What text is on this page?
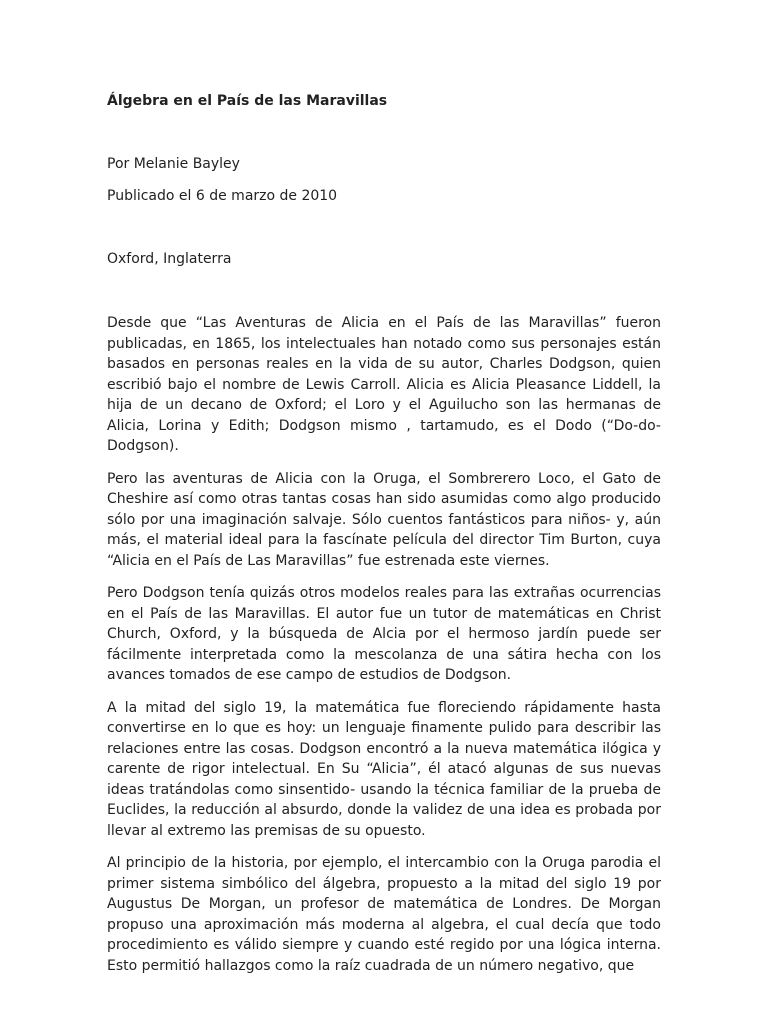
Álgebra en el País de las Maravillas

Por Melanie Bayley

Publicado el 6 de marzo de 2010

Oxford, Inglaterra

Desde que “Las Aventuras de Alicia en el País de las Maravillas” fueron publicadas, en 1865, los intelectuales han notado como sus personajes están basados en personas reales en la vida de su autor, Charles Dodgson, quien escribió bajo el nombre de Lewis Carroll. Alicia es Alicia Pleasance Liddell, la hija de un decano de Oxford; el Loro y el Aguilucho son las hermanas de Alicia, Lorina y Edith; Dodgson mismo , tartamudo, es el Dodo (“Do-do-Dodgson).

Pero las aventuras de Alicia con la Oruga, el Sombrerero Loco, el Gato de Cheshire así como otras tantas cosas han sido asumidas como algo producido sólo por una imaginación salvaje. Sólo cuentos fantásticos para niños- y, aún más, el material ideal para la fascínate película del director Tim Burton, cuya “Alicia en el País de Las Maravillas” fue estrenada este viernes.

Pero Dodgson tenía quizás otros modelos reales para las extrañas ocurrencias en el País de las Maravillas. El autor fue un tutor de matemáticas en Christ Church, Oxford, y la búsqueda de Alcia por el hermoso jardín puede ser fácilmente interpretada como la mescolanza de una sátira hecha con los avances tomados de ese campo de estudios de Dodgson.

A la mitad del siglo 19, la matemática fue floreciendo rápidamente hasta convertirse en lo que es hoy: un lenguaje finamente pulido para describir las relaciones entre las cosas. Dodgson encontró a la nueva matemática ilógica y carente de rigor intelectual. En Su “Alicia”, él atacó algunas de sus nuevas ideas tratándolas como sinsentido- usando la técnica familiar de la prueba de Euclides, la reducción al absurdo, donde la validez de una idea es probada por llevar al extremo las premisas de su opuesto.

Al principio de la historia, por ejemplo, el intercambio con la Oruga parodia el primer sistema simbólico del álgebra, propuesto a la mitad del siglo 19 por Augustus De Morgan, un profesor de matemática de Londres. De Morgan propuso una aproximación más moderna al algebra, el cual decía que todo procedimiento es válido siempre y cuando esté regido por una lógica interna. Esto permitió hallazgos como la raíz cuadrada de un número negativo, que
